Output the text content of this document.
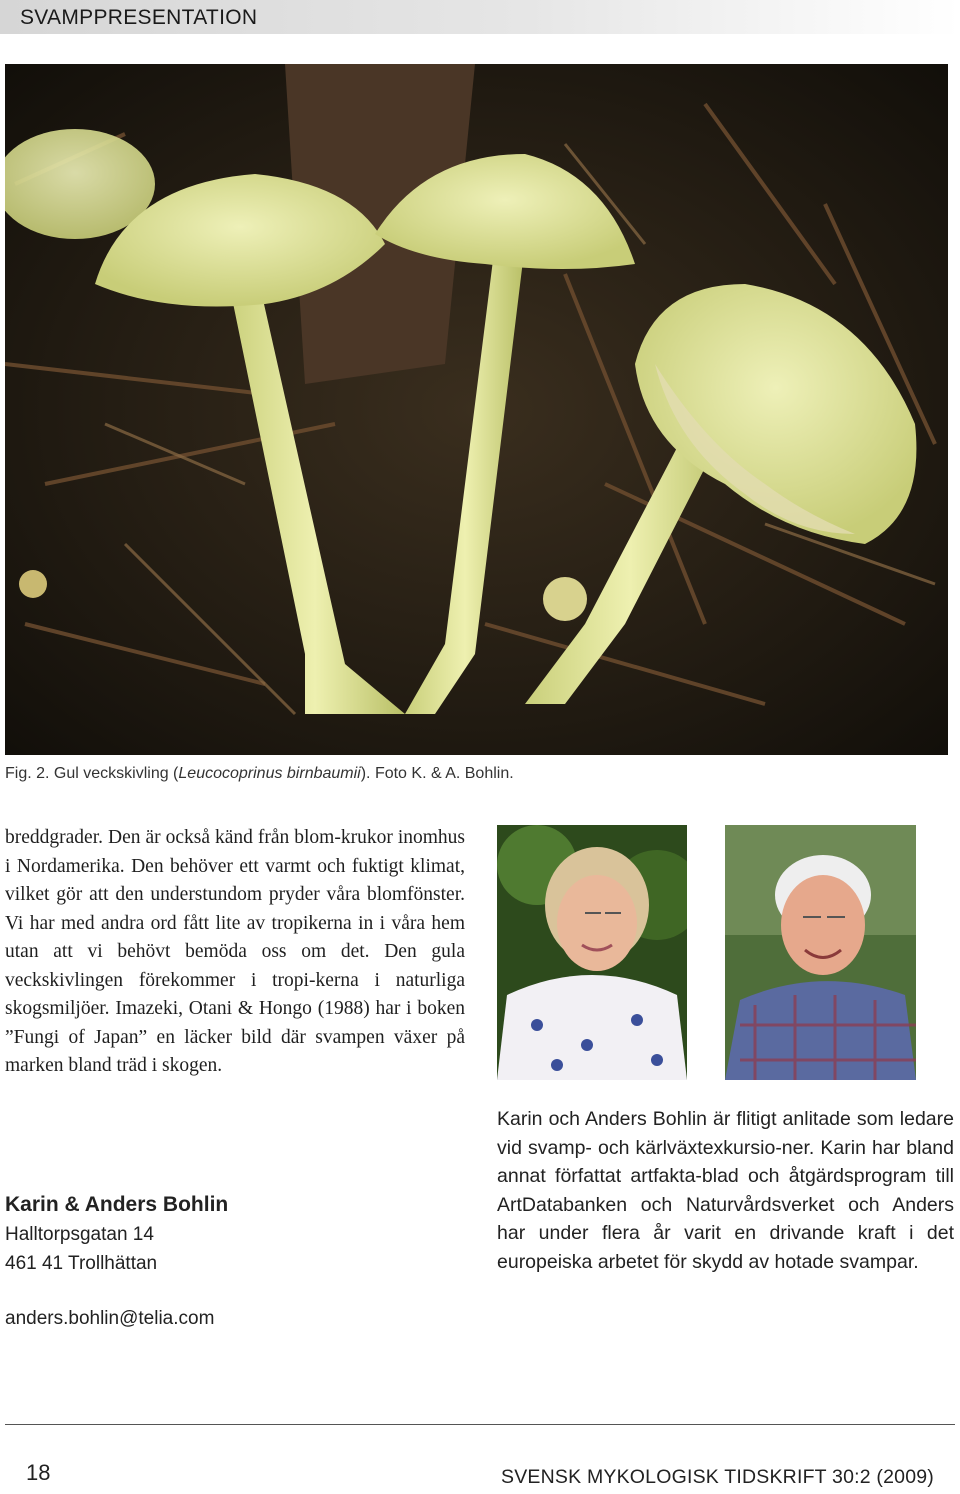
SVAMPPRESENTATION
Fig. 2. Gul veckskivling (Leucocoprinus birnbaumii). Foto K. & A. Bohlin.

breddgrader. Den är också känd från blom-krukor inomhus i Nordamerika. Den behöver ett varmt och fuktigt klimat, vilket gör att den understundom pryder våra blomfönster. Vi har med andra ord fått lite av tropikerna in i våra hem utan att vi behövt bemöda oss om det. Den gula veckskivlingen förekommer i tropi-kerna i naturliga skogsmiljöer. Imazeki, Otani & Hongo (1988) har i boken ”Fungi of Japan” en läcker bild där svampen växer på marken bland träd i skogen.

Karin & Anders Bohlin
Halltorpsgatan 14
461 41 Trollhättan
anders.bohlin@telia.com
Karin och Anders Bohlin är flitigt anlitade som ledare vid svamp- och kärlväxtexkursio-ner. Karin har bland annat författat artfakta-blad och åtgärdsprogram till ArtDatabanken och Naturvårdsverket och Anders har under flera år varit en drivande kraft i det europeiska arbetet för skydd av hotade svampar.
18	SVENSK MYKOLOGISK TIDSKRIFT 30:2 (2009)
